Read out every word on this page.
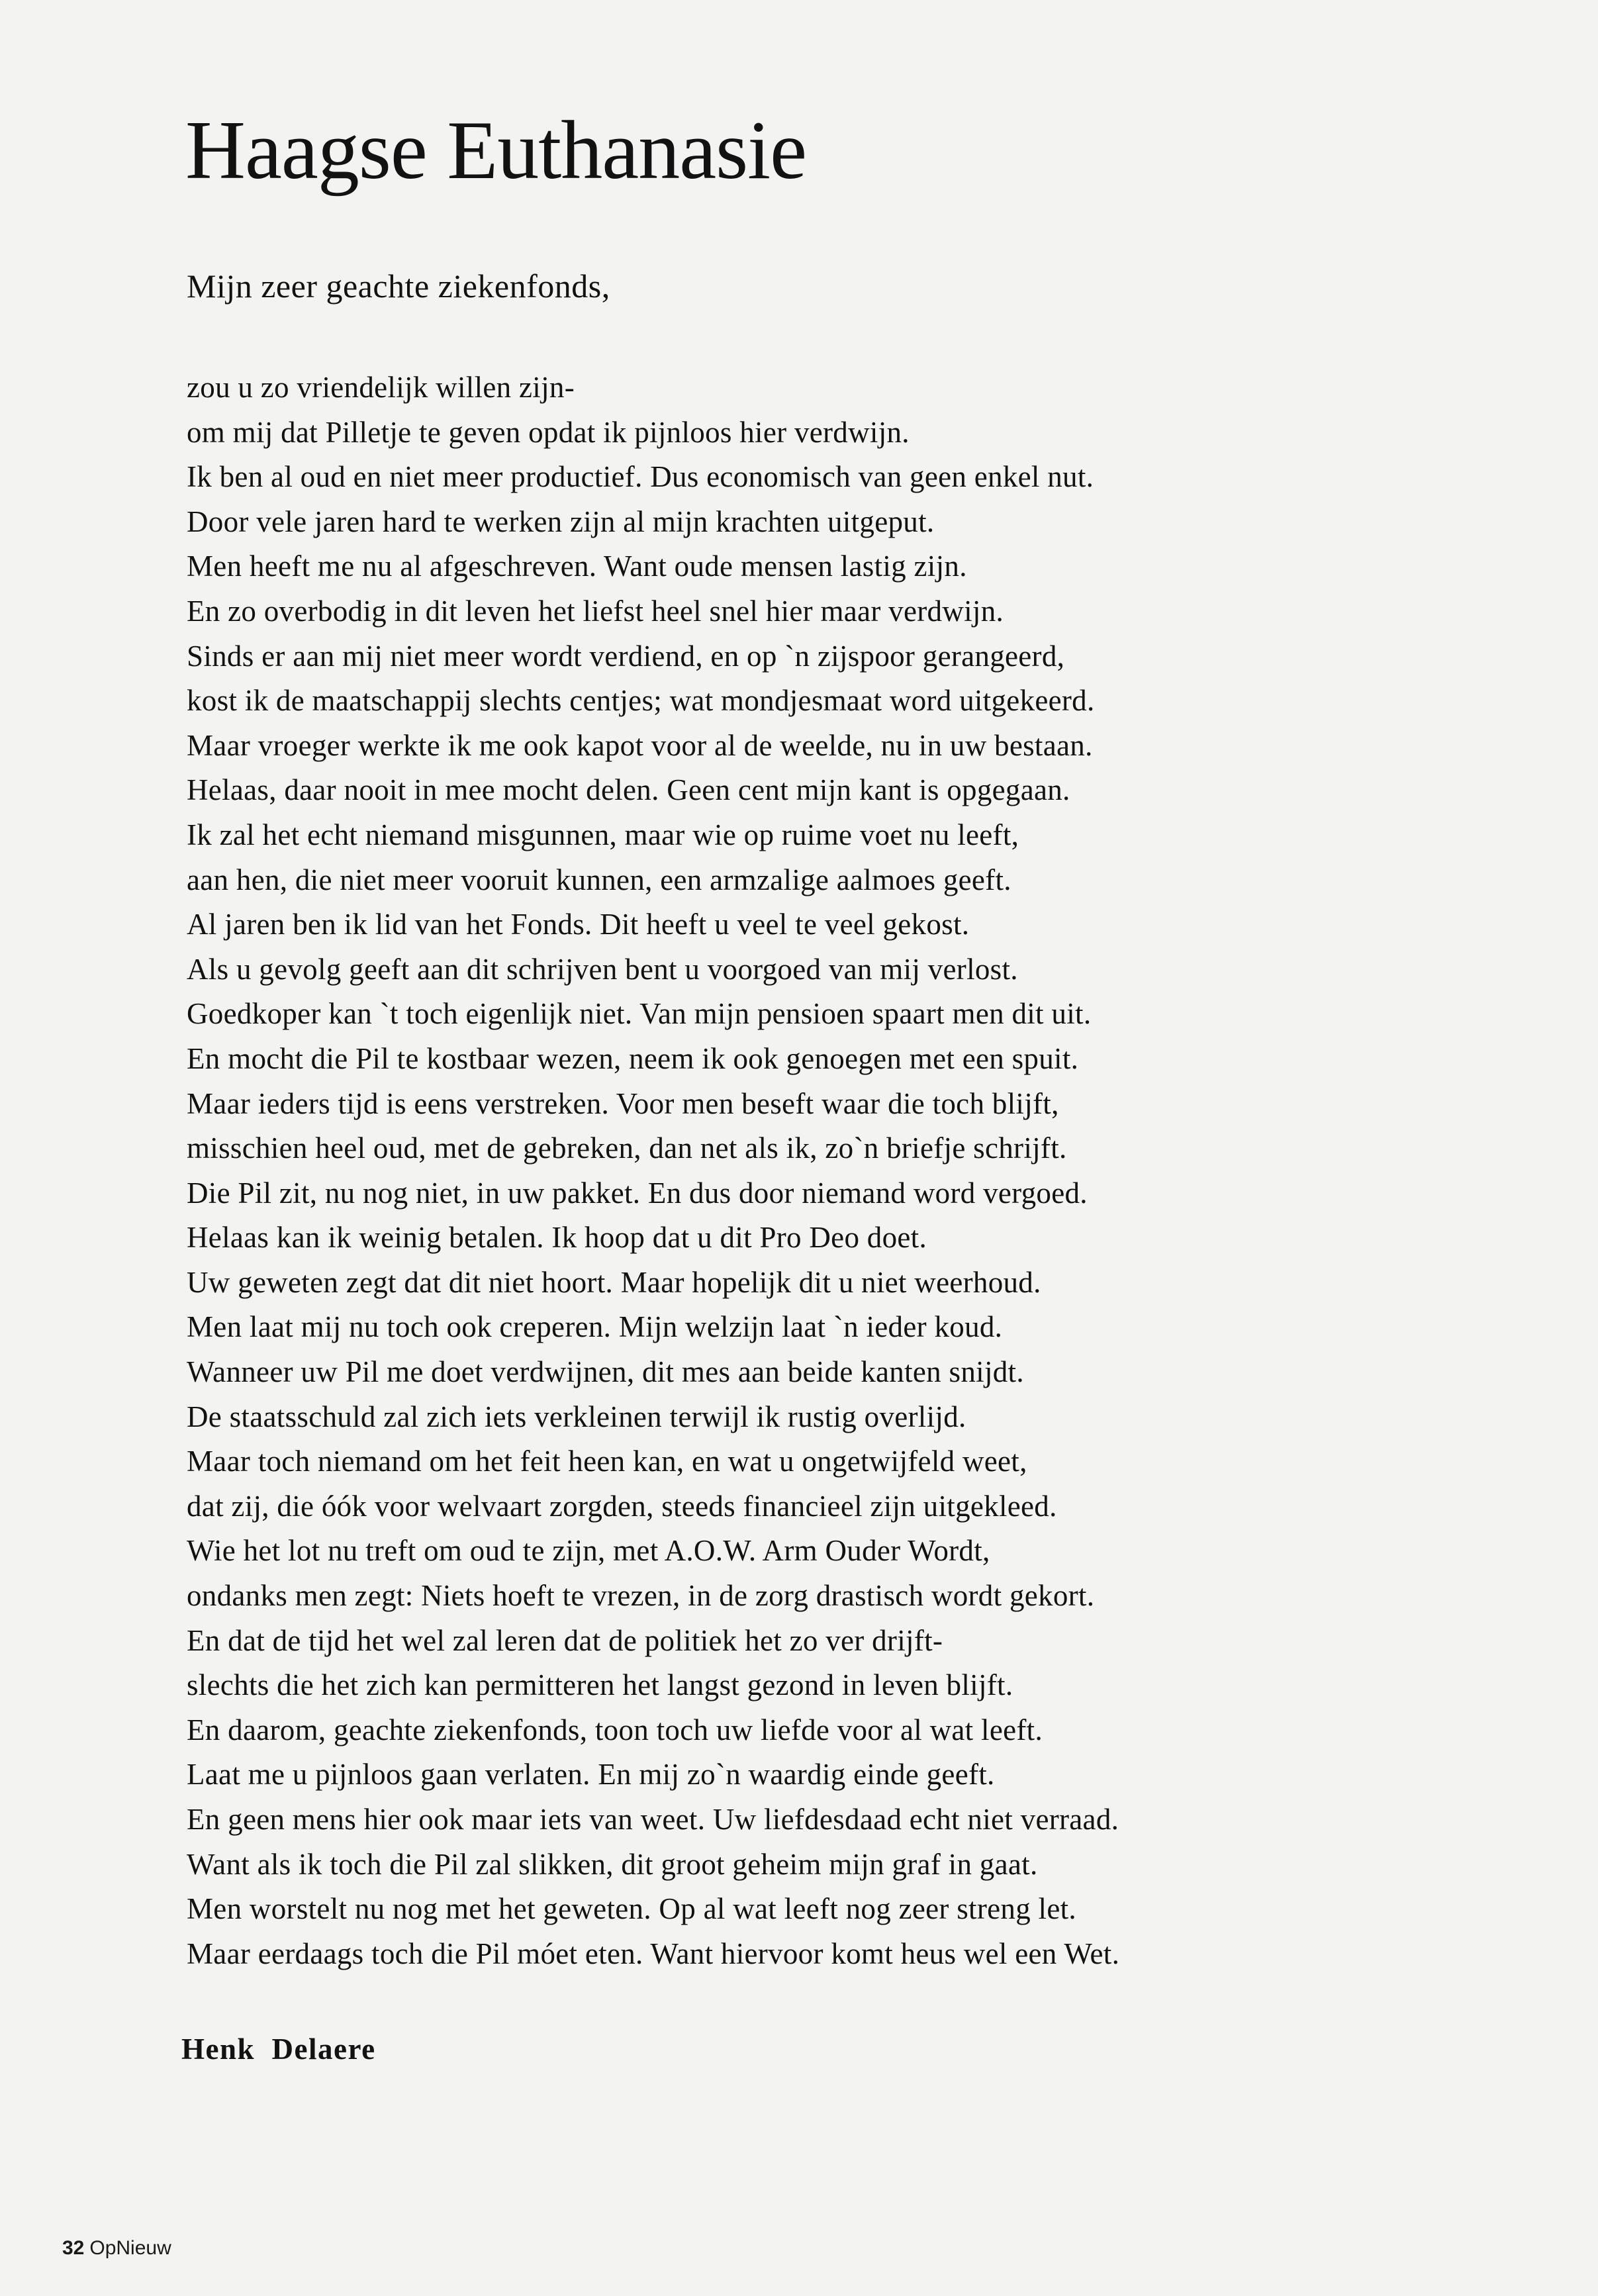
Haagse Euthanasie

Mijn zeer geachte ziekenfonds,

zou u zo vriendelijk willen zijn-
om mij dat Pilletje te geven opdat ik pijnloos hier verdwijn.
Ik ben al oud en niet meer productief. Dus economisch van geen enkel nut.
Door vele jaren hard te werken zijn al mijn krachten uitgeput.
Men heeft me nu al afgeschreven. Want oude mensen lastig zijn.
En zo overbodig in dit leven het liefst heel snel hier maar verdwijn.
Sinds er aan mij niet meer wordt verdiend, en op `n zijspoor gerangeerd,
kost ik de maatschappij slechts centjes; wat mondjesmaat word uitgekeerd.
Maar vroeger werkte ik me ook kapot voor al de weelde, nu in uw bestaan.
Helaas, daar nooit in mee mocht delen. Geen cent mijn kant is opgegaan.
Ik zal het echt niemand misgunnen, maar wie op ruime voet nu leeft,
aan hen, die niet meer vooruit kunnen, een armzalige aalmoes geeft.
Al jaren ben ik lid van het Fonds. Dit heeft u veel te veel gekost.
Als u gevolg geeft aan dit schrijven bent u voorgoed van mij verlost.
Goedkoper kan `t toch eigenlijk niet. Van mijn pensioen spaart men dit uit.
En mocht die Pil te kostbaar wezen, neem ik ook genoegen met een spuit.
Maar ieders tijd is eens verstreken. Voor men beseft waar die toch blijft,
misschien heel oud, met de gebreken, dan net als ik, zo`n briefje schrijft.
Die Pil zit, nu nog niet, in uw pakket. En dus door niemand word vergoed.
Helaas kan ik weinig betalen. Ik hoop dat u dit Pro Deo doet.
Uw geweten zegt dat dit niet hoort. Maar hopelijk dit u niet weerhoud.
Men laat mij nu toch ook creperen. Mijn welzijn laat `n ieder koud.
Wanneer uw Pil me doet verdwijnen, dit mes aan beide kanten snijdt.
De staatsschuld zal zich iets verkleinen terwijl ik rustig overlijd.
Maar toch niemand om het feit heen kan, en wat u ongetwijfeld weet,
dat zij, die óók voor welvaart zorgden, steeds financieel zijn uitgekleed.
Wie het lot nu treft om oud te zijn, met A.O.W. Arm Ouder Wordt,
ondanks men zegt: Niets hoeft te vrezen, in de zorg drastisch wordt gekort.
En dat de tijd het wel zal leren dat de politiek het zo ver drijft-
slechts die het zich kan permitteren het langst gezond in leven blijft.
En daarom, geachte ziekenfonds, toon toch uw liefde voor al wat leeft.
Laat me u pijnloos gaan verlaten. En mij zo`n waardig einde geeft.
En geen mens hier ook maar iets van weet. Uw liefdesdaad echt niet verraad.
Want als ik toch die Pil zal slikken, dit groot geheim mijn graf in gaat.
Men worstelt nu nog met het geweten. Op al wat leeft nog zeer streng let.
Maar eerdaags toch die Pil móet eten. Want hiervoor komt heus wel een Wet.

Henk  Delaere

32 OpNieuw
